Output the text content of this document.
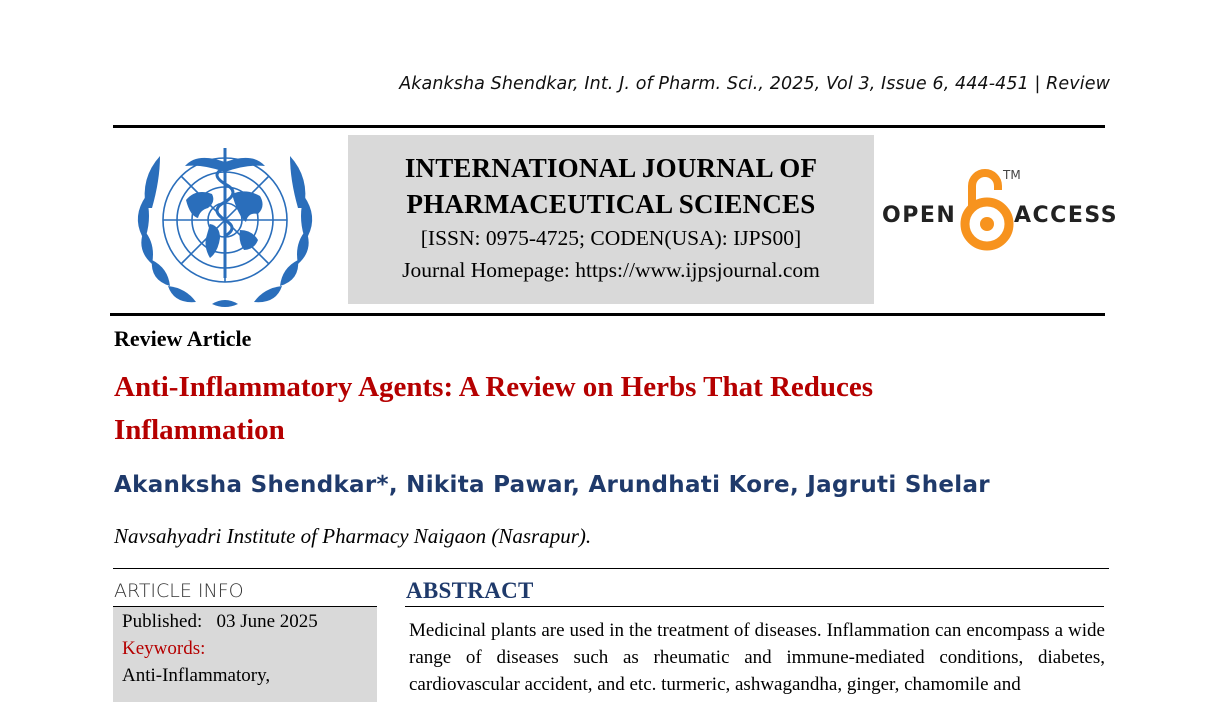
Akanksha Shendkar, Int. J. of Pharm. Sci., 2025, Vol 3, Issue 6, 444-451 | Review
INTERNATIONAL JOURNAL OF
PHARMACEUTICAL SCIENCES
[ISSN: 0975-4725; CODEN(USA): IJPS00]
Journal Homepage: https://www.ijpsjournal.com
OPEN
TM
ACCESS
Review Article
Anti-Inflammatory Agents: A Review on Herbs That Reduces Inflammation
Akanksha Shendkar*, Nikita Pawar, Arundhati Kore, Jagruti Shelar
Navsahyadri Institute of Pharmacy Naigaon (Nasrapur).
ARTICLE INFO
Published: 03 June 2025
Keywords:
Anti-Inflammatory,
ABSTRACT
Medicinal plants are used in the treatment of diseases. Inflammation can encompass a wide range of diseases such as rheumatic and immune-mediated conditions, diabetes, cardiovascular accident, and etc. turmeric, ashwagandha, ginger, chamomile and
